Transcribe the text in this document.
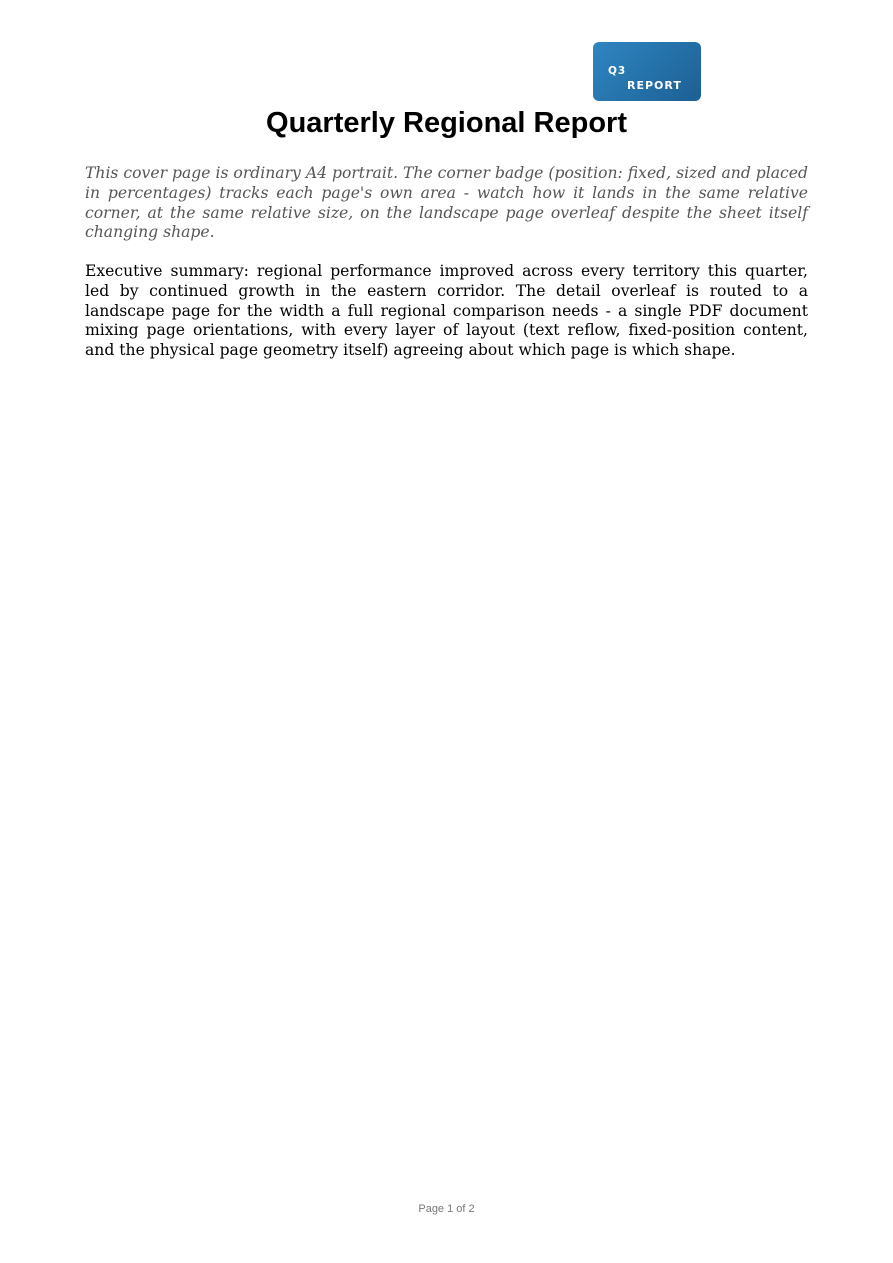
Q3
REPORT
Quarterly Regional Report

This cover page is ordinary A4 portrait. The corner badge (position: fixed, sized and placed in percentages) tracks each page's own area - watch how it lands in the same relative corner, at the same relative size, on the landscape page overleaf despite the sheet itself changing shape.

Executive summary: regional performance improved across every territory this quarter, led by continued growth in the eastern corridor. The detail overleaf is routed to a landscape page for the width a full regional comparison needs - a single PDF document mixing page orientations, with every layer of layout (text reflow, fixed-position content, and the physical page geometry itself) agreeing about which page is which shape.

Page 1 of 2
